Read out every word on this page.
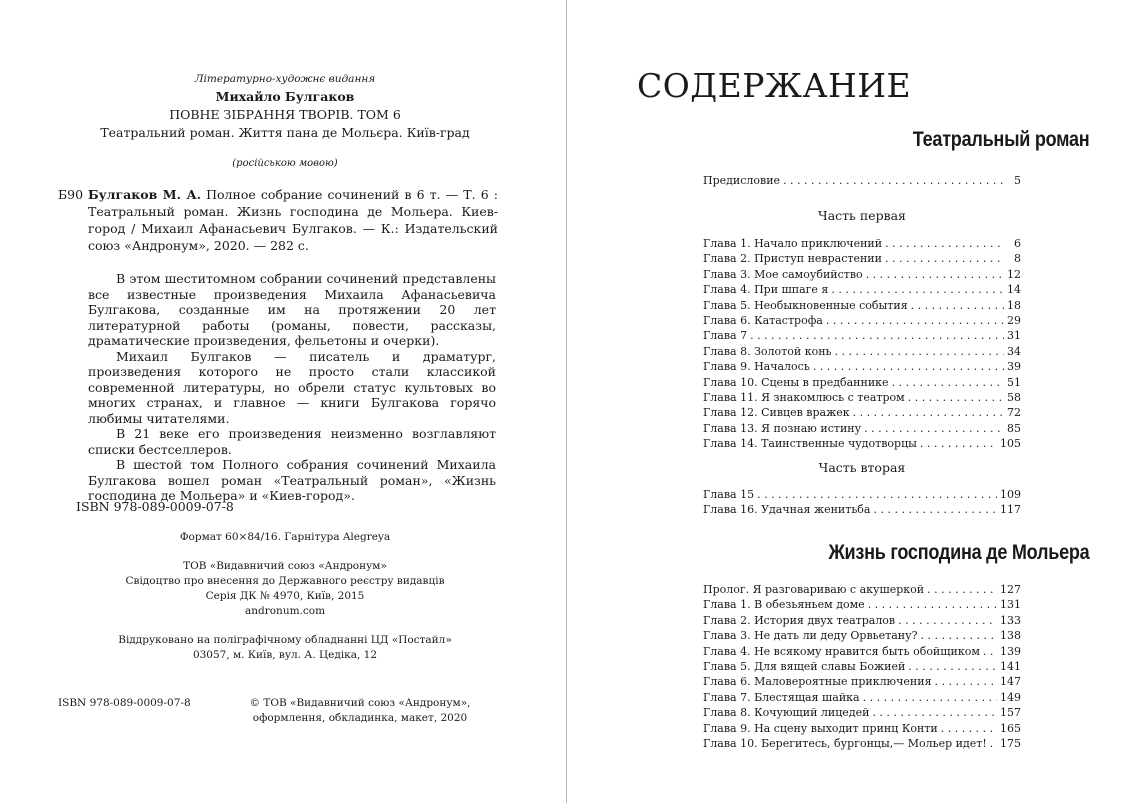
Літературно-художнє видання

Михайло Булгаков

ПОВНЕ ЗІБРАННЯ ТВОРІВ. ТОМ 6

Театральний роман. Життя пана де Мольєра. Київ-град

(російською мовою)

Б90 Булгаков М. А. Полное собрание сочинений в 6 т. — Т. 6 : Театральный роман. Жизнь господина де Мольера. Киев-город / Михаил Афанасьевич Булгаков. — К.: Издательский союз «Андронум», 2020. — 282 с.

В этом шеститомном собрании сочинений представлены все известные произведения Михаила Афанасьевича Булгакова, созданные им на протяжении 20 лет литературной работы (романы, повести, рассказы, драматические произведения, фельетоны и очерки).

Михаил Булгаков — писатель и драматург, произведения которого не просто стали классикой современной литературы, но обрели статус культовых во многих странах, и главное — книги Булгакова горячо любимы читателями.

В 21 веке его произведения неизменно возглавляют списки бестселлеров.

В шестой том Полного собрания сочинений Михаила Булгакова вошел роман «Театральный роман», «Жизнь господина де Мольера» и «Киев-город».

ISBN 978-089-0009-07-8

Формат 60×84/16. Гарнітура Alegreya

ТОВ «Видавничий союз «Андронум»

Свідоцтво про внесення до Державного реєстру видавців

Серія ДК № 4970, Київ, 2015

andronum.com

Віддруковано на поліграфічному обладнанні ЦД «Постайл»

03057, м. Київ, вул. А. Цедіка, 12

ISBN 978-089-0009-07-8	© ТОВ «Видавничий союз «Андронум»,
оформлення, обкладинка, макет, 2020
СОДЕРЖАНИЕ
Театральный роман
Предисловие . . .	5

Часть первая

Глава 1. Начало приключений . . .	6
Глава 2. Приступ неврастении . . .	8
Глава 3. Мое самоубийство . . .	12
Глава 4. При шпаге я . . .	14
Глава 5. Необыкновенные события . . .	18
Глава 6. Катастрофа . . .	29
Глава 7 . . .	31
Глава 8. Золотой конь . . .	34
Глава 9. Началось . . .	39
Глава 10. Сцены в предбаннике . . .	51
Глава 11. Я знакомлюсь с театром . . .	58
Глава 12. Сивцев вражек . . .	72
Глава 13. Я познаю истину . . .	85
Глава 14. Таинственные чудотворцы . . .	105

Часть вторая

Глава 15 . . .	109
Глава 16. Удачная женитьба . . .	117
Жизнь господина де Мольера
Пролог. Я разговариваю с акушеркой . . .	127
Глава 1. В обезьяньем доме . . .	131
Глава 2. История двух театралов . . .	133
Глава 3. Не дать ли деду Орвьетану? . . .	138
Глава 4. Не всякому нравится быть обойщиком . . . 139
Глава 5. Для вящей славы Божией . . .	141
Глава 6. Маловероятные приключения . . .	147
Глава 7. Блестящая шайка . . .	149
Глава 8. Кочующий лицедей . . .	157
Глава 9. На сцену выходит принц Конти . . .	165
Глава 10. Берегитесь, бургонцы,— Мольер идет! . . . 175
